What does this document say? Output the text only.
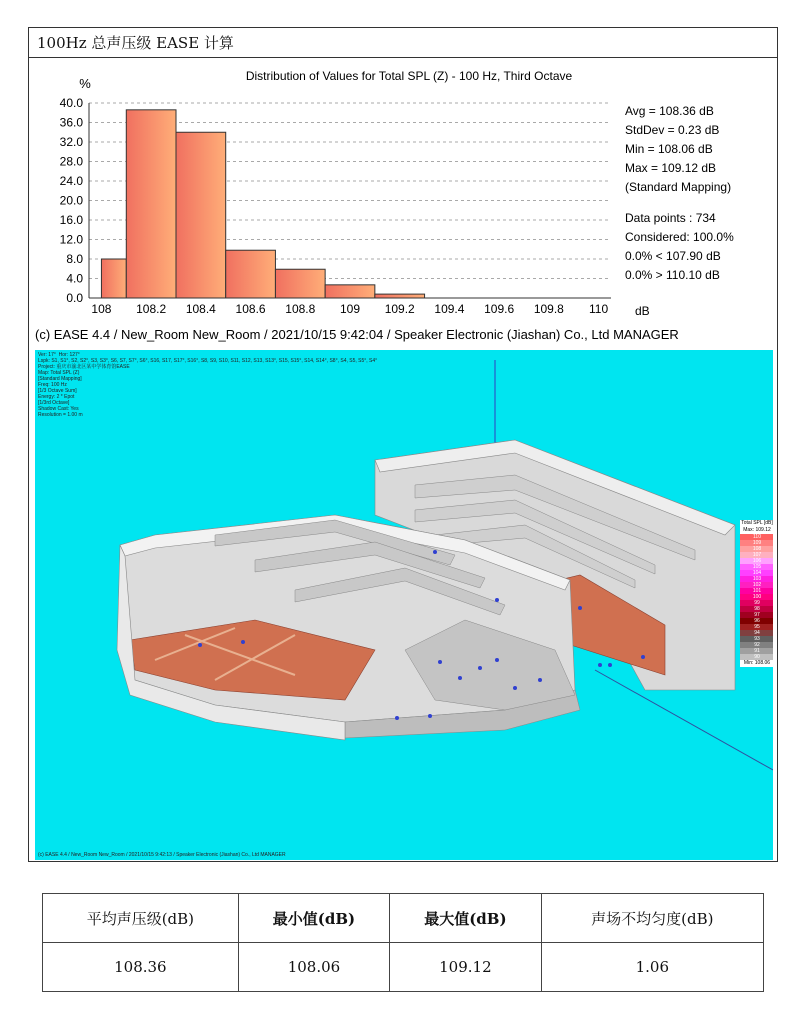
100Hz 总声压级 EASE 计算
0.0
4.0
8.0
12.0
16.0
20.0
24.0
28.0
32.0
36.0
40.0
108 108.2 108.4 108.6 108.8 109 109.2 109.4 109.6 109.8 110
Distribution of Values for Total SPL (Z) - 100 Hz, Third Octave
%
dB
Avg = 108.36 dB
StdDev = 0.23 dB
Min = 108.06 dB
Max = 109.12 dB
(Standard Mapping)
Data points : 734
Considered: 100.0%
0.0% < 107.90 dB
0.0% > 110.10 dB
(c) EASE 4.4 / New_Room New_Room / 2021/10/15 9:42:04 / Speaker Electronic (Jiashan) Co., Ltd MANAGER
Ver: 17°  Hor: 127°
Lspk: S1, S1°, S2, S2°, S3, S3°, S6, S7, S7°, S6°, S16, S17, S17°, S16°, S8, S9, S10, S11, S12, S13, S13°, S15, S15°, S14, S14°, S8°, S4, S5, S5°, S4°
Project: 重庆市渝北区某中学体育馆EASE
Map: Total SPL (Z)
[Standard Mapping]
Freq: 100 Hz
[1/3 Octave Sum]
Energy: 2 * Epot
[1/3rd Octave]
Shadow Cast: Yes
Resolution = 1.00 m
Total SPL [dB]
Max: 109.12
110
109
108
107
106
105
104
103
102
101
100
99
98
97
96
95
94
93
92
91
90
Min: 108.06
(c) EASE 4.4 / New_Room New_Room / 2021/10/15 9:42:13 / Speaker Electronic (Jiashan) Co., Ltd MANAGER
平均声压级(dB)	最小值(dB)	最大值(dB)	声场不均匀度(dB)
108.36	108.06	109.12	1.06
